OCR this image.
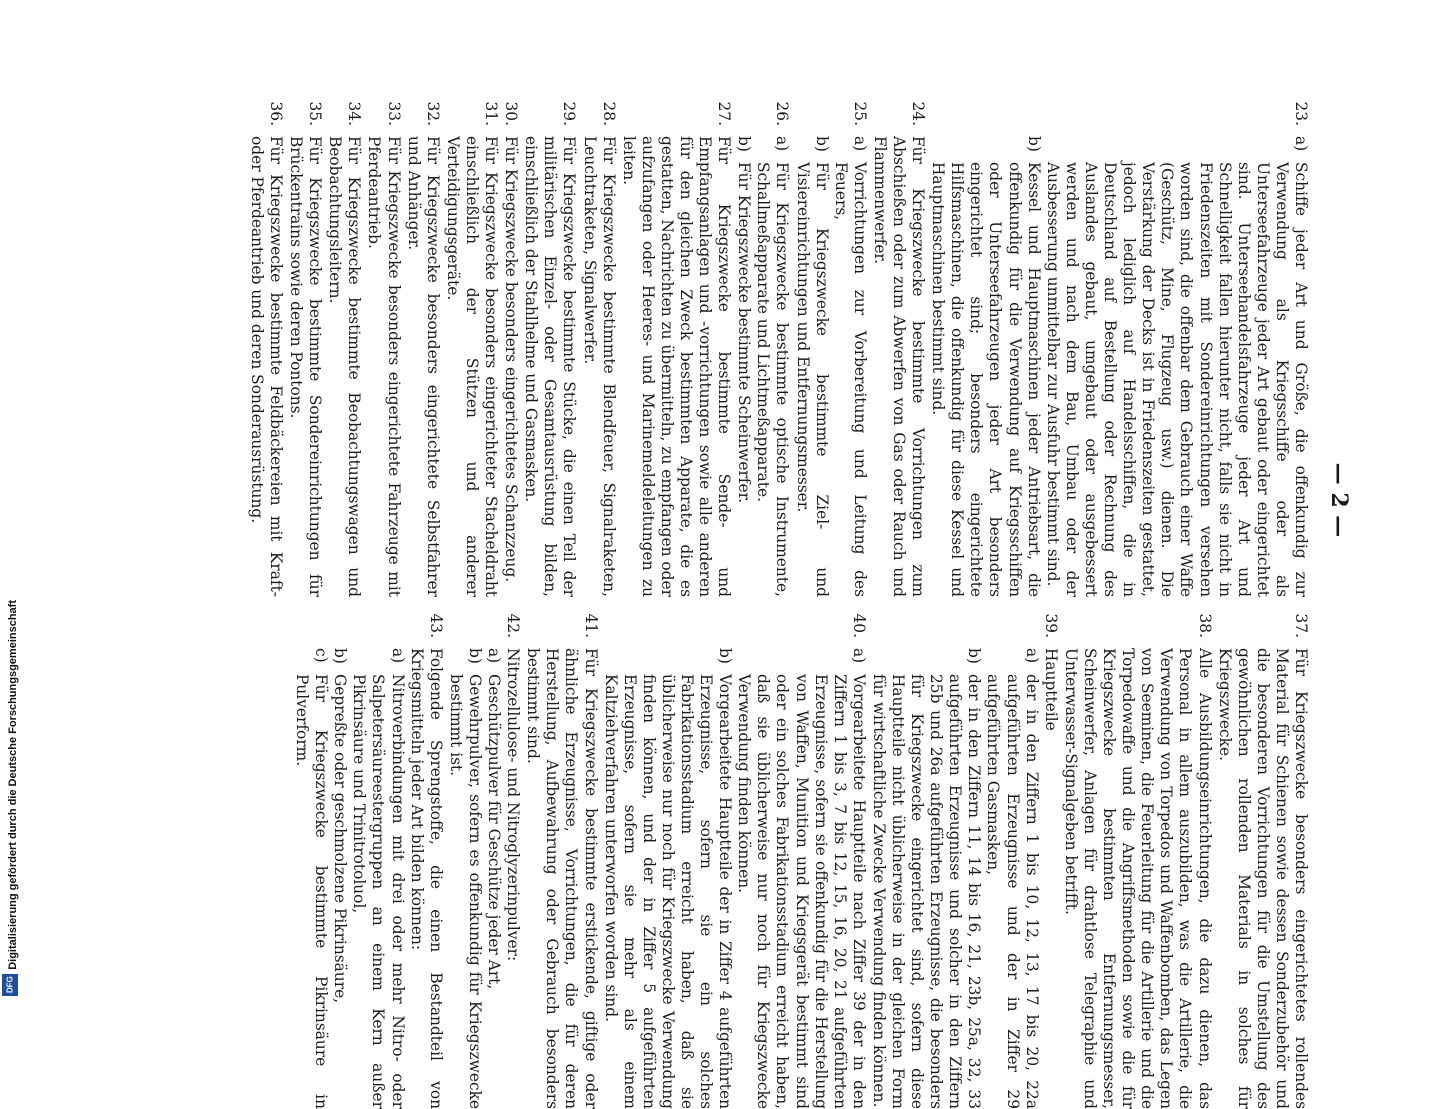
— 2 —
23.
a)
Schiffe jeder Art und Größe, die offenkundig zur Verwendung als Kriegsschiffe oder als Unterseefahrzeuge jeder Art gebaut oder eingerichtet sind. Unterseehandelsfahrzeuge jeder Art und Schnelligkeit fallen hierunter nicht, falls sie nicht in Friedenszeiten mit Sondereinrichtungen versehen worden sind, die offenbar dem Gebrauch einer Waffe (Geschütz, Mine, Flugzeug usw.) dienen. Die Verstärkung der Decks ist in Friedenszeiten gestattet, jedoch lediglich auf Handelsschiffen, die in Deutschland auf Bestellung oder Rechnung des Auslandes gebaut, umgebaut oder ausgebessert werden und nach dem Bau, Umbau oder der Ausbesserung unmittelbar zur Ausfuhr bestimmt sind.
b)
Kessel und Hauptmaschinen jeder Antriebsart, die offenkundig für die Verwendung auf Kriegsschiffen oder Unterseefahrzeugen jeder Art besonders eingerichtet sind; besonders eingerichtete Hilfsmaschinen, die offenkundig für diese Kessel und Hauptmaschinen bestimmt sind.
24.
Für Kriegszwecke bestimmte Vorrichtungen zum Abschießen oder zum Abwerfen von Gas oder Rauch und Flammenwerfer.
25.
a)
Vorrichtungen zur Vorbereitung und Leitung des Feuers,
b)
Für Kriegszwecke bestimmte Ziel- und Visiereinrichtungen und Entfernungsmesser.
26.
a)
Für Kriegszwecke bestimmte optische Instrumente, Schallmeßapparate und Lichtmeßapparate.
b)
Für Kriegszwecke bestimmte Scheinwerfer.
27.
Für Kriegszwecke bestimmte Sende- und Empfangsanlagen und -vorrichtungen sowie alle anderen für den gleichen Zweck bestimmten Apparate, die es gestatten, Nachrichten zu übermitteln, zu empfangen oder aufzufangen oder Heeres- und Marinemeldeleitungen zu leiten.
28.
Für Kriegszwecke bestimmte Blendfeuer, Signalraketen, Leuchtraketen, Signalwerfer.
29.
Für Kriegszwecke bestimmte Stücke, die einen Teil der militärischen Einzel- oder Gesamtausrüstung bilden, einschließlich der Stahlhelme und Gasmasken.
30.
Für Kriegszwecke besonders eingerichtetes Schanzzeug.
31.
Für Kriegszwecke besonders eingerichteter Stacheldraht einschließlich der Stützen und anderer Verteidigungsgeräte.
32.
Für Kriegszwecke besonders eingerichtete Selbstfahrer und Anhänger.
33.
Für Kriegszwecke besonders eingerichtete Fahrzeuge mit Pferdeantrieb.
34.
Für Kriegszwecke bestimmte Beobachtungswagen und Beobachtungsleitern.
35.
Für Kriegszwecke bestimmte Sondereinrichtungen für Brückentrains sowie deren Pontons.
36.
Für Kriegszwecke bestimmte Feldbäckereien mit Kraft- oder Pferdeantrieb und deren Sonderausrüstung.
37.
Für Kriegszwecke besonders eingerichtetes rollendes Material für Schienen sowie dessen Sonderzubehör und die besonderen Vorrichtungen für die Umstellung des gewöhnlichen rollenden Materials in solches für Kriegszwecke.
38.
Alle Ausbildungseinrichtungen, die dazu dienen, das Personal in allem auszubilden, was die Artillerie, die Verwendung von Torpedos und Waffenbomben, das Legen von Seeminen, die Feuerleitung für die Artillerie und die Torpedowaffe und die Angriffsmethoden sowie die für Kriegszwecke bestimmten Entfernungsmesser, Scheinwerfer, Anlagen für drahtlose Telegraphie und Unterwasser-Signalgeben betrifft.
39.
Hauptteile
a)
der in den Ziffern 1 bis 10, 12, 13, 17 bis 20, 22a aufgeführten Erzeugnisse und der in Ziffer 29 aufgeführten Gasmasken,
b)
der in den Ziffern 11, 14 bis 16, 21, 23b, 25a, 32, 33 aufgeführten Erzeugnisse und solcher in den Ziffern 25b und 26a aufgeführten Erzeugnisse, die besonders für Kriegszwecke eingerichtet sind, sofern diese Hauptteile nicht üblicherweise in der gleichen Form für wirtschaftliche Zwecke Verwendung finden können.
40.
a)
Vorgearbeitete Hauptteile nach Ziffer 39 der in den Ziffern 1 bis 3, 7 bis 12, 15, 16, 20, 21 aufgeführten Erzeugnisse, sofern sie offenkundig für die Herstellung von Waffen, Munition und Kriegsgerät bestimmt sind oder ein solches Fabrikationsstadium erreicht haben, daß sie üblicherweise nur noch für Kriegszwecke Verwendung finden können.
b)
Vorgearbeitete Hauptteile der in Ziffer 4 aufgeführten Erzeugnisse, sofern sie ein solches Fabrikationsstadium erreicht haben, daß sie üblicherweise nur noch für Kriegszwecke Verwendung finden können, und der in Ziffer 5 aufgeführten Erzeugnisse, sofern sie mehr als einem Kaltziehverfahren unterworfen worden sind.
41.
Für Kriegszwecke bestimmte erstickende, giftige oder ähnliche Erzeugnisse, Vorrichtungen, die für deren Herstellung, Aufbewahrung oder Gebrauch besonders bestimmt sind.
42.
Nitrozellulose- und Nitroglyzerinpulver:
a)
Geschützpulver für Geschütze jeder Art,
b)
Gewehrpulver, sofern es offenkundig für Kriegszwecke bestimmt ist.
43.
Folgende Sprengstoffe, die einen Bestandteil von Kriegsmitteln jeder Art bilden können:
a)
Nitroverbindungen mit drei oder mehr Nitro- oder Salpetersäureestergruppen an einem Kern außer Pikrinsäure und Trinitrotoluol,
b)
Gepreßte oder geschmolzene Pikrinsäure,
c)
Für Kriegszwecke bestimmte Pikrinsäure in Pulverform.
Digitalisierung gefördert durch die Deutsche Forschungsgemeinschaft
DFG
